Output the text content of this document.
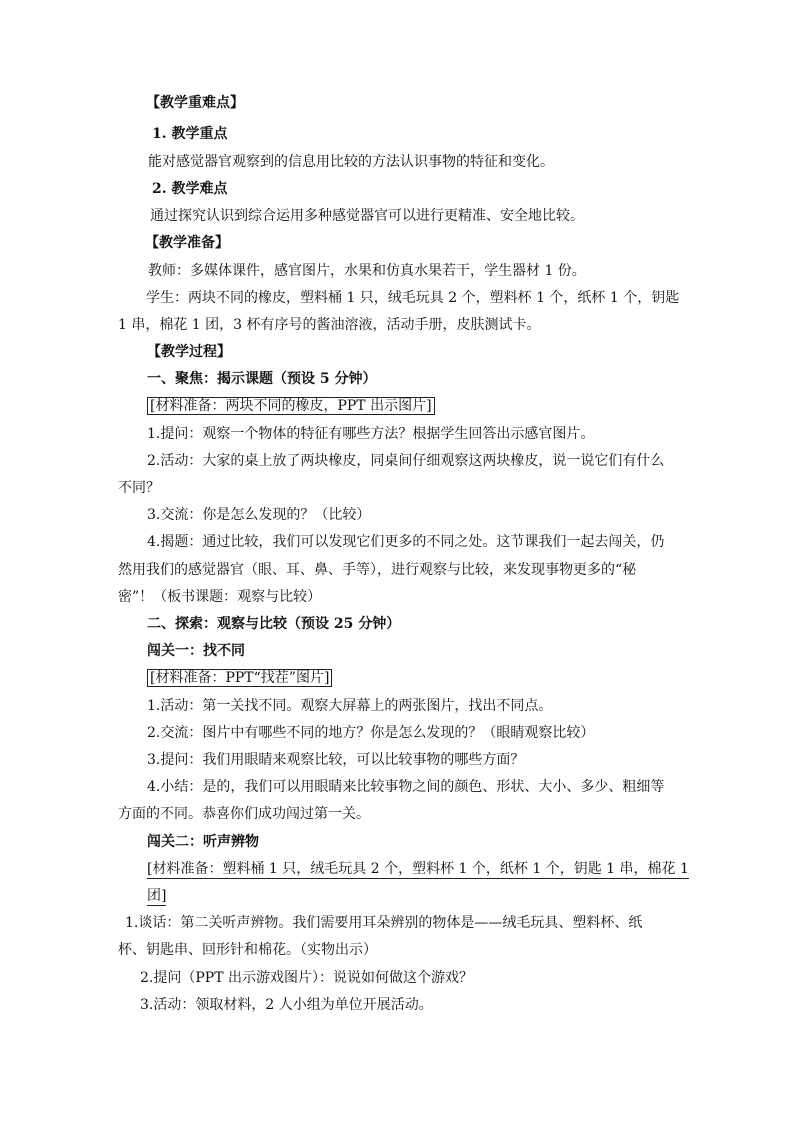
【教学重难点】

1. 教学重点

能对感觉器官观察到的信息用比较的方法认识事物的特征和变化。

2. 教学难点

通过探究认识到综合运用多种感觉器官可以进行更精准、安全地比较。

【教学准备】

教师：多媒体课件，感官图片，水果和仿真水果若干，学生器材 1 份。

学生：两块不同的橡皮，塑料桶 1 只，绒毛玩具 2 个，塑料杯 1 个，纸杯 1 个，钥匙

1 串，棉花 1 团，3 杯有序号的酱油溶液，活动手册，皮肤测试卡。

【教学过程】

一、聚焦：揭示课题（预设 5 分钟）

[材料准备：两块不同的橡皮，PPT 出示图片]

1.提问：观察一个物体的特征有哪些方法？根据学生回答出示感官图片。

2.活动：大家的桌上放了两块橡皮，同桌间仔细观察这两块橡皮，说一说它们有什么

不同？

3.交流：你是怎么发现的？（比较）

4.揭题：通过比较，我们可以发现它们更多的不同之处。这节课我们一起去闯关，仍

然用我们的感觉器官（眼、耳、鼻、手等），进行观察与比较，来发现事物更多的“秘

密”！（板书课题：观察与比较）

二、探索：观察与比较（预设 25 分钟）

闯关一：找不同

[材料准备：PPT“找茬”图片]

1.活动：第一关找不同。观察大屏幕上的两张图片，找出不同点。

2.交流：图片中有哪些不同的地方？你是怎么发现的？（眼睛观察比较）

3.提问：我们用眼睛来观察比较，可以比较事物的哪些方面？

4.小结：是的，我们可以用眼睛来比较事物之间的颜色、形状、大小、多少、粗细等

方面的不同。恭喜你们成功闯过第一关。

闯关二：听声辨物

[材料准备：塑料桶 1 只，绒毛玩具 2 个，塑料杯 1 个，纸杯 1 个，钥匙 1 串，棉花 1

团]

1.谈话：第二关听声辨物。我们需要用耳朵辨别的物体是——绒毛玩具、塑料杯、纸

杯、钥匙串、回形针和棉花。（实物出示）

2.提问（PPT 出示游戏图片）：说说如何做这个游戏？

3.活动：领取材料，2 人小组为单位开展活动。
